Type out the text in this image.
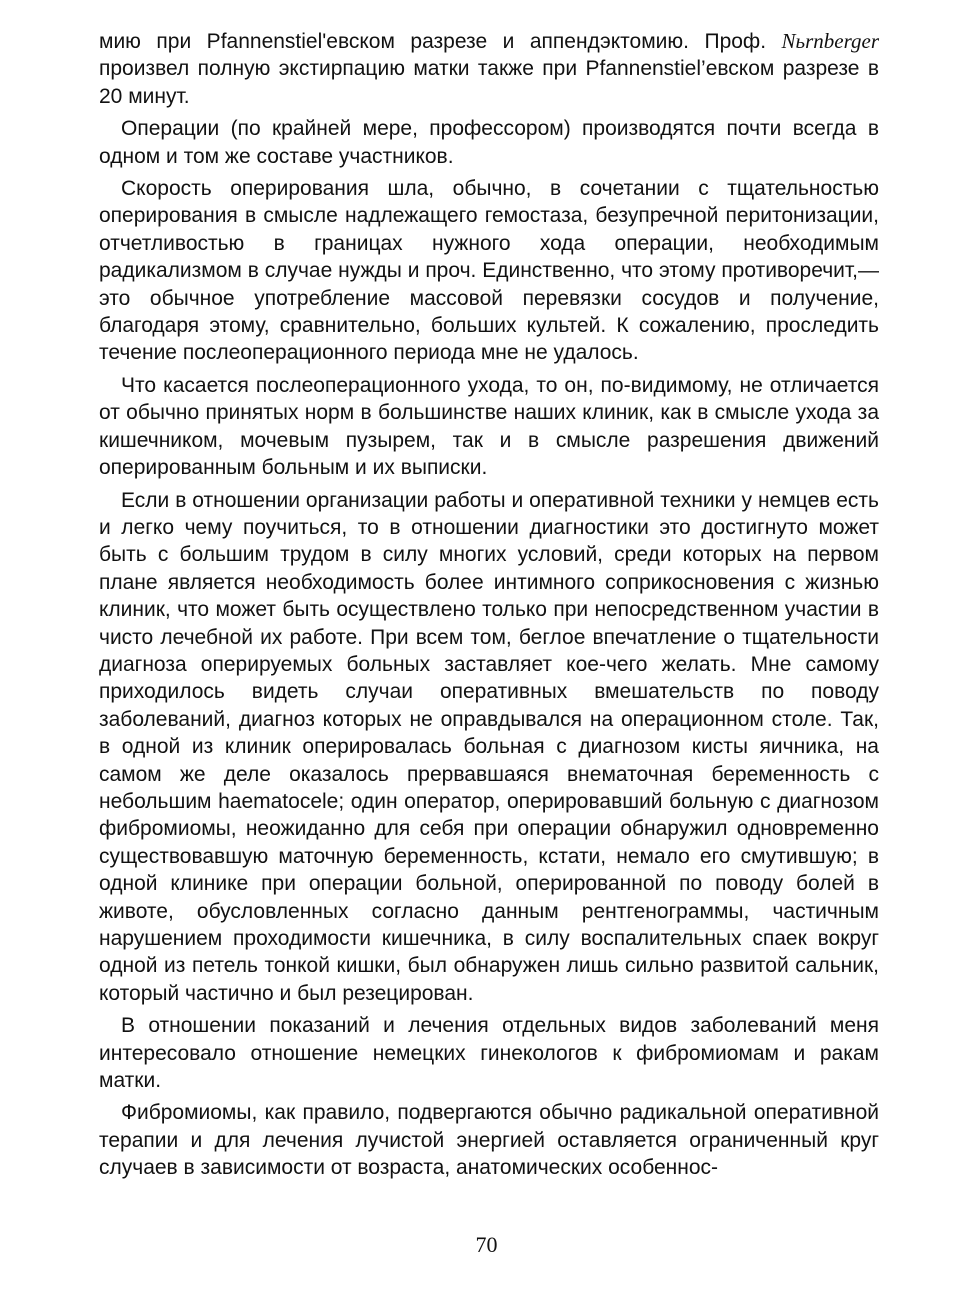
мию при Pfannenstiel'евском разрезе и аппендэктомию. Проф. Nьrnberger произвел полную экстирпацию матки также при Pfannenstiel’евском разрезе в 20 минут.

Операции (по крайней мере, профессором) производятся почти всегда в одном и том же составе участников.

Скорость оперирования шла, обычно, в сочетании с тщательностью оперирования в смысле надлежащего гемостаза, безупречной перитонизации, отчетливостью в границах нужного хода операции, необходимым радикализмом в случае нужды и проч. Единственно, что этому противоречит,—это обычное употребление массовой перевязки сосудов и получение, благодаря этому, сравнительно, больших культей. К сожалению, проследить течение послеоперационного периода мне не удалось.

Что касается послеоперационного ухода, то он, по-видимому, не отличается от обычно принятых норм в большинстве наших клиник, как в смысле ухода за кишечником, мочевым пузырем, так и в смысле разрешения движений оперированным больным и их выписки.

Если в отношении организации работы и оперативной техники у немцев есть и легко чему поучиться, то в отношении диагностики это достигнуто может быть с большим трудом в силу многих условий, среди которых на первом плане является необходимость более интимного соприкосновения с жизнью клиник, что может быть осуществлено только при непосредственном участии в чисто лечебной их работе. При всем том, беглое впечатление о тщательности диагноза оперируемых больных заставляет кое-чего желать. Мне самому приходилось видеть случаи оперативных вмешательств по поводу заболеваний, диагноз которых не оправдывался на операционном столе. Так, в одной из клиник оперировалась больная с диагнозом кисты яичника, на самом же деле оказалось прервавшаяся внематочная беременность с небольшим haematocele; один оператор, оперировавший больную с диагнозом фибромиомы, неожиданно для себя при операции обнаружил одновременно существовавшую маточную беременность, кстати, немало его смутившую; в одной клинике при операции больной, оперированной по поводу болей в животе, обусловленных согласно данным рентгенограммы, частичным нарушением проходимости кишечника, в силу воспалительных спаек вокруг одной из петель тонкой кишки, был обнаружен лишь сильно развитой сальник, который частично и был резецирован.

В отношении показаний и лечения отдельных видов заболеваний меня интересовало отношение немецких гинекологов к фибромиомам и ракам матки.

Фибромиомы, как правило, подвергаются обычно радикальной оперативной терапии и для лечения лучистой энергией оставляется ограниченный круг случаев в зависимости от возраста, анатомических особеннос-

70
